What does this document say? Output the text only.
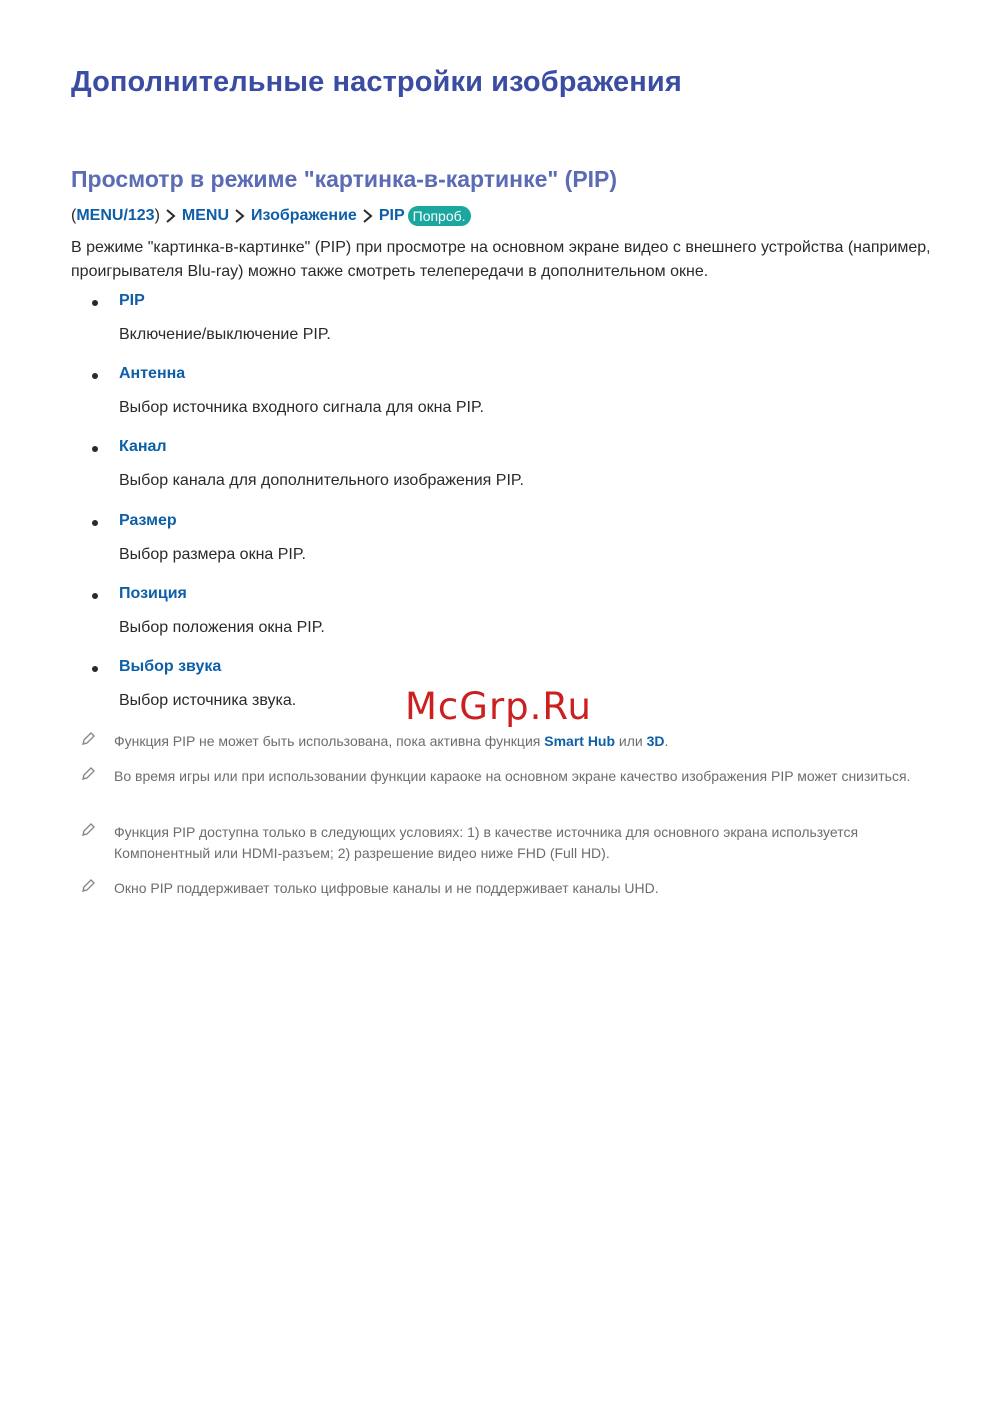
Дополнительные настройки изображения
Просмотр в режиме "картинка-в-картинке" (PIP)
( MENU/123 ) MENU Изображение PIP Попроб.

В режиме "картинка-в-картинке" (PIP) при просмотре на основном экране видео с внешнего устройства (например, проигрывателя Blu-ray) можно также смотреть телепередачи в дополнительном окне.

PIP
Включение/выключение PIP.
Антенна
Выбор источника входного сигнала для окна PIP.
Канал
Выбор канала для дополнительного изображения PIP.
Размер
Выбор размера окна PIP.
Позиция
Выбор положения окна PIP.
Выбор звука
Выбор источника звука.

Функция PIP не может быть использована, пока активна функция Smart Hub или 3D.

Во время игры или при использовании функции караоке на основном экране качество изображения PIP может снизиться.

Функция PIP доступна только в следующих условиях: 1) в качестве источника для основного экрана используется Компонентный или HDMI-разъем; 2) разрешение видео ниже FHD (Full HD).

Окно PIP поддерживает только цифровые каналы и не поддерживает каналы UHD.

McGrp.Ru
